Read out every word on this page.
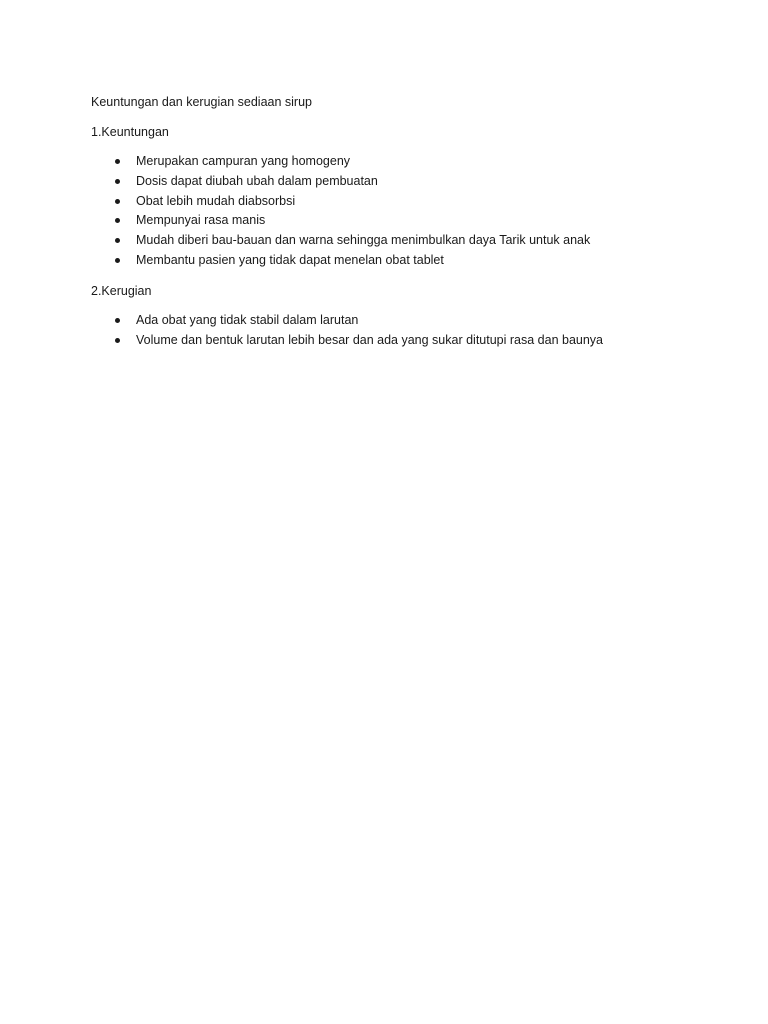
Keuntungan dan kerugian sediaan sirup

1.Keuntungan

Merupakan campuran yang homogeny
Dosis dapat diubah ubah dalam pembuatan
Obat lebih mudah diabsorbsi
Mempunyai rasa manis
Mudah diberi bau-bauan dan warna sehingga menimbulkan daya Tarik untuk anak
Membantu pasien yang tidak dapat menelan obat tablet

2.Kerugian

Ada obat yang tidak stabil dalam larutan
Volume dan bentuk larutan lebih besar dan ada yang sukar ditutupi rasa dan baunya
